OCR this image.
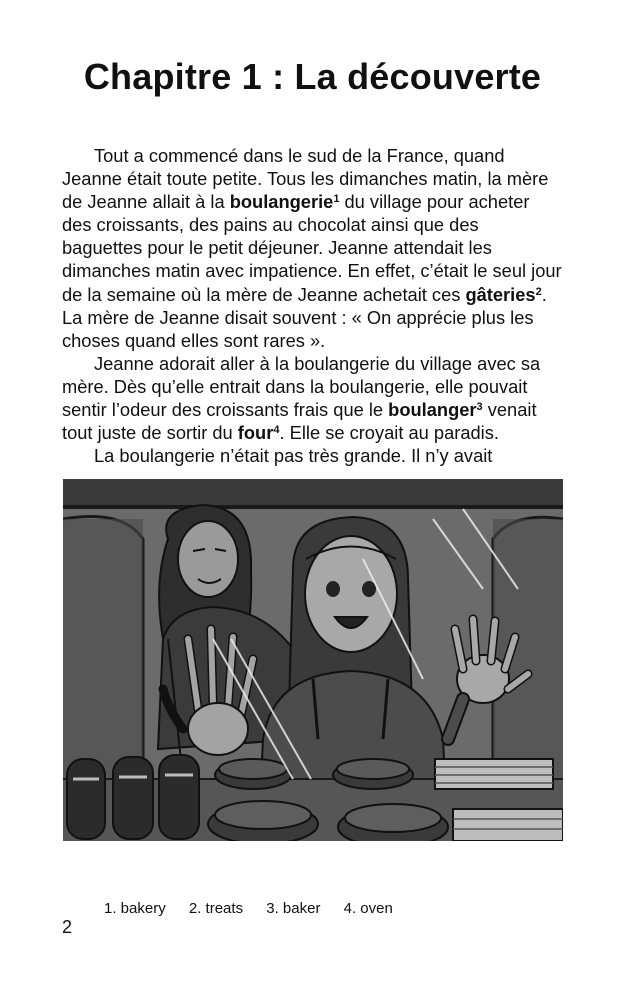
Chapitre 1 : La découverte

Tout a commencé dans le sud de la France, quand Jeanne était toute petite. Tous les dimanches matin, la mère de Jeanne allait à la boulangerie$^1$ du village pour acheter des croissants, des pains au chocolat ainsi que des baguettes pour le petit déjeuner. Jeanne attendait les dimanches matin avec impatience. En effet, c’était le seul jour de la semaine où la mère de Jeanne achetait ces gâteries$^2$. La mère de Jeanne disait souvent : « On apprécie plus les choses quand elles sont rares ».

Jeanne adorait aller à la boulangerie du village avec sa mère. Dès qu’elle entrait dans la boulangerie, elle pouvait sentir l’odeur des croissants frais que le boulanger$^3$ venait tout juste de sortir du four$^4$. Elle se croyait au paradis.

La boulangerie n’était pas très grande. Il n’y avait

1. bakery 2. treats 3. baker 4. oven
2
